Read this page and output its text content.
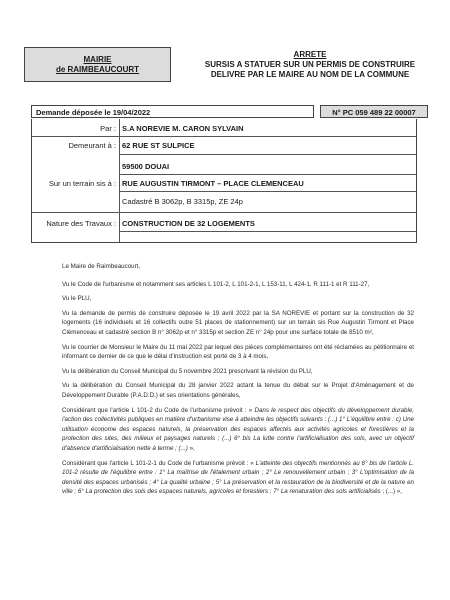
MAIRIE
de RAIMBEAUCOURT
ARRETE
SURSIS A STATUER SUR UN PERMIS DE CONSTRUIRE
DELIVRE PAR LE MAIRE AU NOM DE LA COMMUNE
Demande déposée le 19/04/2022	N° PC 059 489 22 00007
Par : S.A NOREVIE M. CARON SYLVAIN
Demeurant à : 62 RUE ST SULPICE
59500 DOUAI
Sur un terrain sis à : RUE AUGUSTIN TIRMONT – PLACE CLEMENCEAU
Cadastré B 3062p, B 3315p, ZE 24p
Nature des Travaux : CONSTRUCTION DE 32 LOGEMENTS

Le Maire de Raimbeaucourt,

Vu le Code de l'urbanisme et notamment ses articles L 101-2, L 101-2-1, L 153-11, L 424-1, R 111-1 et R 111-27,

Vu le PLU,

Vu la demande de permis de construire déposée le 19 avril 2022 par la SA NOREVIE et portant sur la construction de 32 logements (16 individuels et 16 collectifs outre 51 places de stationnement) sur un terrain sis Rue Augustin Tirmont et Place Clémenceau et cadastré section B n° 3062p et n° 3315p et section ZE n° 24p pour une surface totale de 8510 m²,

Vu le courrier de Monsieur le Maire du 11 mai 2022 par lequel des pièces complémentaires ont été réclamées au pétitionnaire et informant ce dernier de ce que le délai d'instruction est porté de 3 à 4 mois,

Vu la délibération du Conseil Municipal du 5 novembre 2021 prescrivant la révision du PLU,

Vu la délibération du Conseil Municipal du 28 janvier 2022 actant la tenue du débat sur le Projet d'Aménagement et de Développement Durable (P.A.D.D.) et ses orientations générales,

Considérant que l'article L 101-2 du Code de l'urbanisme prévoit : « Dans le respect des objectifs du développement durable, l'action des collectivités publiques en matière d'urbanisme vise à atteindre les objectifs suivants : (...) 1° L'équilibre entre : c) Une utilisation économe des espaces naturels, la préservation des espaces affectés aux activités agricoles et forestières et la protection des sites, des milieux et paysages naturels ; (...) 6° bis La lutte contre l'artificialisation des sols, avec un objectif d'absence d'artificialisation nette à terme ; (...) »,

Considérant que l'article L 101-2-1 du Code de l'urbanisme prévoit : « L'atteinte des objectifs mentionnés au 6° bis de l'article L. 101-2 résulte de l'équilibre entre : 1° La maîtrise de l'étalement urbain ; 2° Le renouvellement urbain ; 3° L'optimisation de la densité des espaces urbanisés ; 4° La qualité urbaine ; 5° La préservation et la restauration de la biodiversité et de la nature en ville ; 6° La protection des sols des espaces naturels, agricoles et forestiers ; 7° La renaturation des sols artificialisés ; (...) »,
